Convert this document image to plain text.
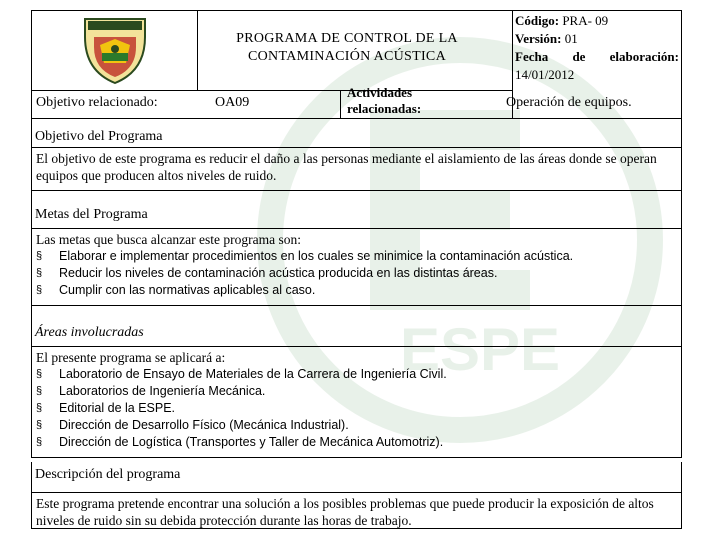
ESPE
PROGRAMA DE CONTROL DE LA
CONTAMINACIÓN ACÚSTICA
Código: PRA- 09
Versión: 01
Fecha de elaboración:
14/01/2012
Objetivo relacionado:	OA09
Actividades
relacionadas:	Operación de equipos.
Objetivo del Programa
El objetivo de este programa es reducir el daño a las personas mediante el aislamiento de las áreas donde se operan equipos que producen altos niveles de ruido.
Metas del Programa
Las metas que busca alcanzar este programa son:
§ Elaborar e implementar procedimientos en los cuales se minimice la contaminación acústica.
§ Reducir los niveles de contaminación acústica producida en las distintas áreas.
§ Cumplir con las normativas aplicables al caso.
Áreas involucradas
El presente programa se aplicará a:
§ Laboratorio de Ensayo de Materiales de la Carrera de Ingeniería Civil.
§ Laboratorios de Ingeniería Mecánica.
§ Editorial de la ESPE.
§ Dirección de Desarrollo Físico (Mecánica Industrial).
§ Dirección de Logística (Transportes y Taller de Mecánica Automotriz).
Descripción del programa
Este programa pretende encontrar una solución a los posibles problemas que puede producir la exposición de altos niveles de ruido sin su debida protección durante las horas de trabajo.
